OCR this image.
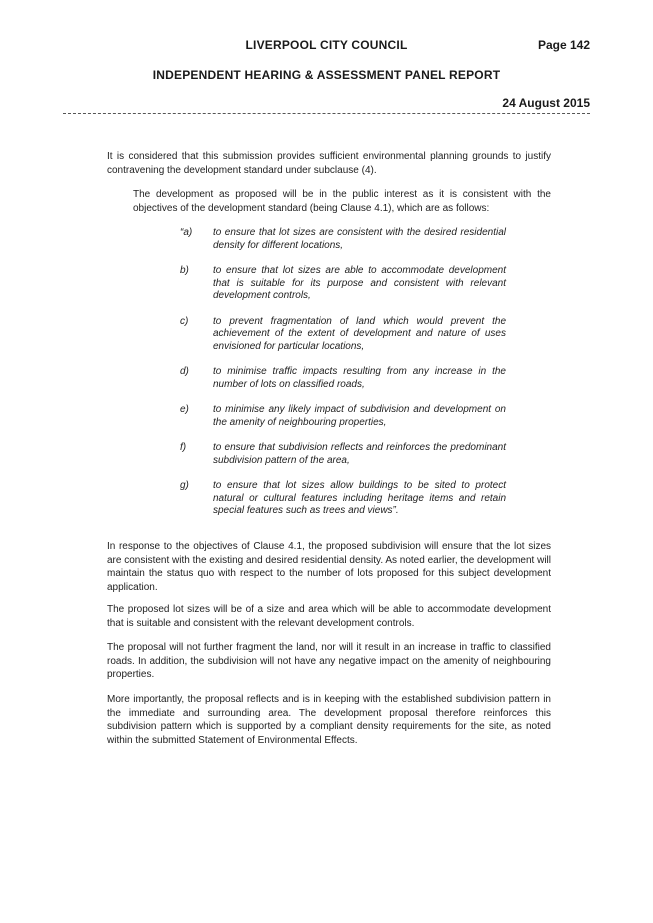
LIVERPOOL CITY COUNCIL	Page 142
INDEPENDENT HEARING & ASSESSMENT PANEL REPORT
24 August 2015

It is considered that this submission provides sufficient environmental planning grounds to justify contravening the development standard under subclause (4).

The development as proposed will be in the public interest as it is consistent with the objectives of the development standard (being Clause 4.1), which are as follows:

“a)	to ensure that lot sizes are consistent with the desired residential density for different locations,
b)	to ensure that lot sizes are able to accommodate development that is suitable for its purpose and consistent with relevant development controls,
c)	to prevent fragmentation of land which would prevent the achievement of the extent of development and nature of uses envisioned for particular locations,
d)	to minimise traffic impacts resulting from any increase in the number of lots on classified roads,
e)	to minimise any likely impact of subdivision and development on the amenity of neighbouring properties,
f)	to ensure that subdivision reflects and reinforces the predominant subdivision pattern of the area,
g)	to ensure that lot sizes allow buildings to be sited to protect natural or cultural features including heritage items and retain special features such as trees and views”.

In response to the objectives of Clause 4.1, the proposed subdivision will ensure that the lot sizes are consistent with the existing and desired residential density. As noted earlier, the development will maintain the status quo with respect to the number of lots proposed for this subject development application.

The proposed lot sizes will be of a size and area which will be able to accommodate development that is suitable and consistent with the relevant development controls.

The proposal will not further fragment the land, nor will it result in an increase in traffic to classified roads. In addition, the subdivision will not have any negative impact on the amenity of neighbouring properties.

More importantly, the proposal reflects and is in keeping with the established subdivision pattern in the immediate and surrounding area. The development proposal therefore reinforces this subdivision pattern which is supported by a compliant density requirements for the site, as noted within the submitted Statement of Environmental Effects.
